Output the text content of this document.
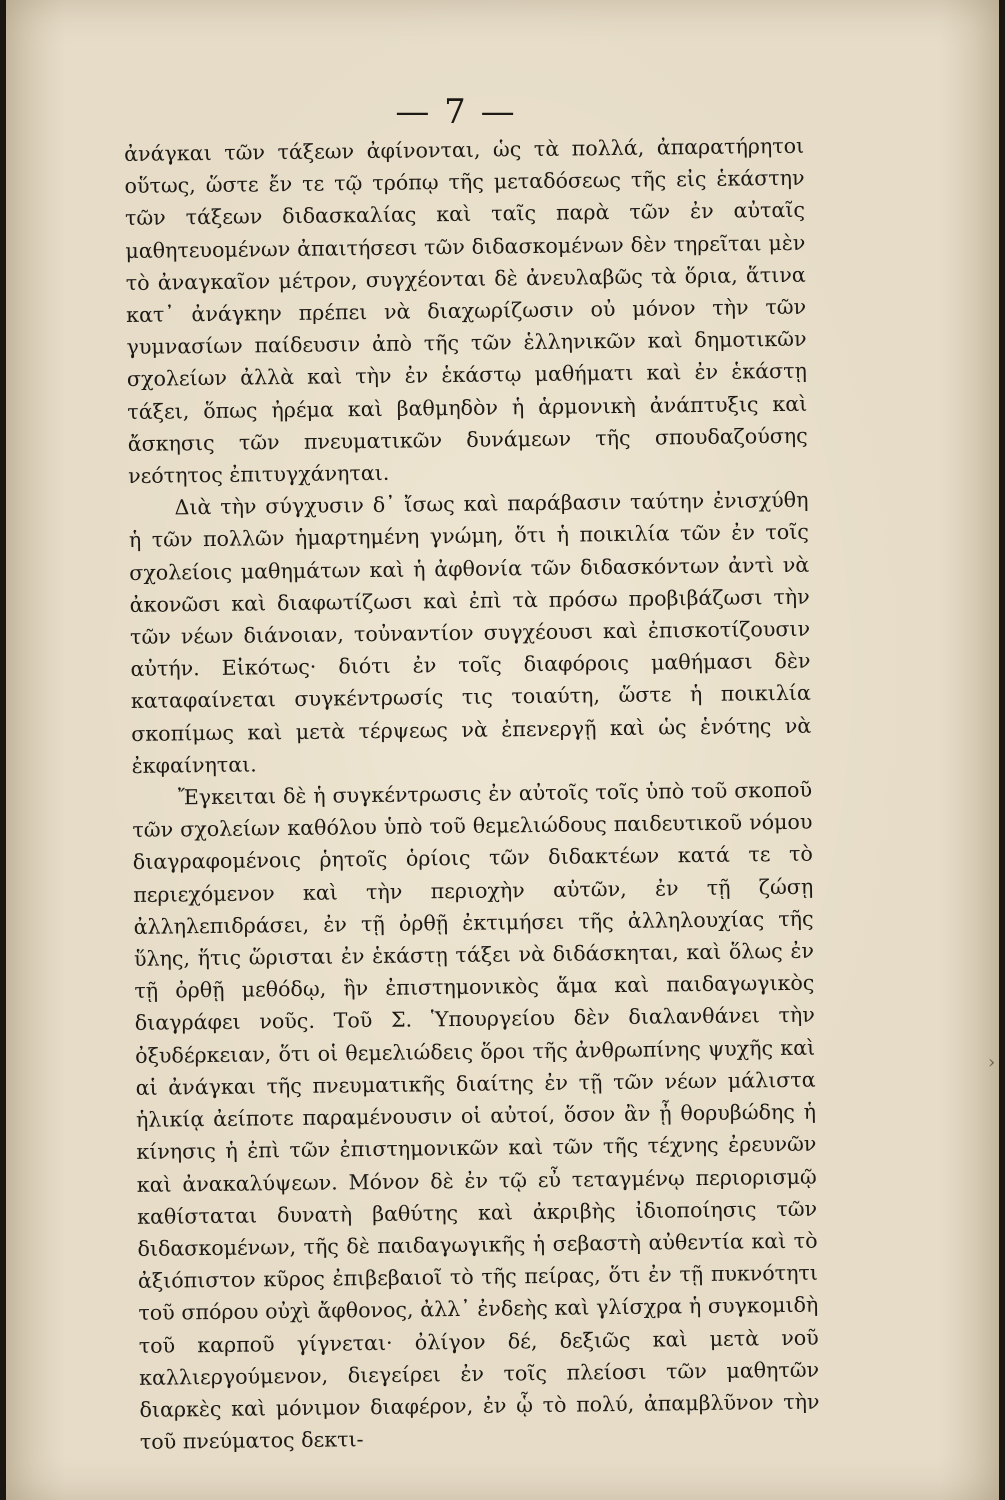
— 7 —

ἀνάγκαι τῶν τάξεων ἀφίνονται, ὡς τὰ πολλά, ἀπαρατήρητοι οὕτως, ὥστε ἔν τε τῷ τρόπῳ τῆς μεταδόσεως τῆς εἰς ἑκάστην τῶν τάξεων διδασκαλίας καὶ ταῖς παρὰ τῶν ἐν αὐταῖς μαθητευομένων ἀπαιτήσεσι τῶν διδασκομένων δὲν τηρεῖται μὲν τὸ ἀναγκαῖον μέτρον, συγχέονται δὲ ἀνευλαβῶς τὰ ὅρια, ἅτινα κατ᾽ ἀνάγκην πρέπει νὰ διαχωρίζωσιν οὐ μόνον τὴν τῶν γυμνασίων παίδευσιν ἀπὸ τῆς τῶν ἑλληνικῶν καὶ δημοτικῶν σχολείων ἀλλὰ καὶ τὴν ἐν ἑκάστῳ μαθήματι καὶ ἐν ἑκάστῃ τάξει, ὅπως ἠρέμα καὶ βαθμηδὸν ἡ ἁρμονικὴ ἀνάπτυξις καὶ ἄσκησις τῶν πνευματικῶν δυνάμεων τῆς σπουδαζούσης νεότητος ἐπιτυγχάνηται.

Διὰ τὴν σύγχυσιν δ᾽ ἴσως καὶ παράβασιν ταύτην ἐνισχύθη ἡ τῶν πολλῶν ἡμαρτημένη γνώμη, ὅτι ἡ ποικιλία τῶν ἐν τοῖς σχολείοις μαθημάτων καὶ ἡ ἀφθονία τῶν διδασκόντων ἀντὶ νὰ ἀκονῶσι καὶ διαφωτίζωσι καὶ ἐπὶ τὰ πρόσω προβιβάζωσι τὴν τῶν νέων διάνοιαν, τοὐναντίον συγχέουσι καὶ ἐπισκοτίζουσιν αὐτήν. Εἰκότως· διότι ἐν τοῖς διαφόροις μαθήμασι δὲν καταφαίνεται συγκέντρωσίς τις τοιαύτη, ὥστε ἡ ποικιλία σκοπίμως καὶ μετὰ τέρψεως νὰ ἐπενεργῇ καὶ ὡς ἑνότης νὰ ἐκφαίνηται.

Ἔγκειται δὲ ἡ συγκέντρωσις ἐν αὐτοῖς τοῖς ὑπὸ τοῦ σκοποῦ τῶν σχολείων καθόλου ὑπὸ τοῦ θεμελιώδους παιδευτικοῦ νόμου διαγραφομένοις ῥητοῖς ὁρίοις τῶν διδακτέων κατά τε τὸ περιεχόμενον καὶ τὴν περιοχὴν αὐτῶν, ἐν τῇ ζώσῃ ἀλληλεπιδράσει, ἐν τῇ ὀρθῇ ἐκτιμήσει τῆς ἀλληλουχίας τῆς ὕλης, ἥτις ὥρισται ἐν ἑκάστῃ τάξει νὰ διδάσκηται, καὶ ὅλως ἐν τῇ ὀρθῇ μεθόδῳ, ἣν ἐπιστημονικὸς ἅμα καὶ παιδαγωγικὸς διαγράφει νοῦς. Τοῦ Σ. Ὑπουργείου δὲν διαλανθάνει τὴν ὀξυδέρκειαν, ὅτι οἱ θεμελιώδεις ὅροι τῆς ἀνθρωπίνης ψυχῆς καὶ αἱ ἀνάγκαι τῆς πνευματικῆς διαίτης ἐν τῇ τῶν νέων μάλιστα ἡλικίᾳ ἀείποτε παραμένουσιν οἱ αὐτοί, ὅσον ἂν ᾖ θορυβώδης ἡ κίνησις ἡ ἐπὶ τῶν ἐπιστημονικῶν καὶ τῶν τῆς τέχνης ἐρευνῶν καὶ ἀνακαλύψεων. Μόνον δὲ ἐν τῷ εὖ τεταγμένῳ περιορισμῷ καθίσταται δυνατὴ βαθύτης καὶ ἀκριβὴς ἰδιοποίησις τῶν διδασκομένων, τῆς δὲ παιδαγωγικῆς ἡ σεβαστὴ αὐθεντία καὶ τὸ ἀξιόπιστον κῦρος ἐπιβεβαιοῖ τὸ τῆς πείρας, ὅτι ἐν τῇ πυκνότητι τοῦ σπόρου οὐχὶ ἄφθονος, ἀλλ᾽ ἐνδεὴς καὶ γλίσχρα ἡ συγκομιδὴ τοῦ καρποῦ γίγνεται· ὀλίγον δέ, δεξιῶς καὶ μετὰ νοῦ καλλιεργούμενον, διεγείρει ἐν τοῖς πλείοσι τῶν μαθητῶν διαρκὲς καὶ μόνιμον διαφέρον, ἐν ᾧ τὸ πολύ, ἀπαμβλῦνον τὴν τοῦ πνεύματος δεκτι-

›
